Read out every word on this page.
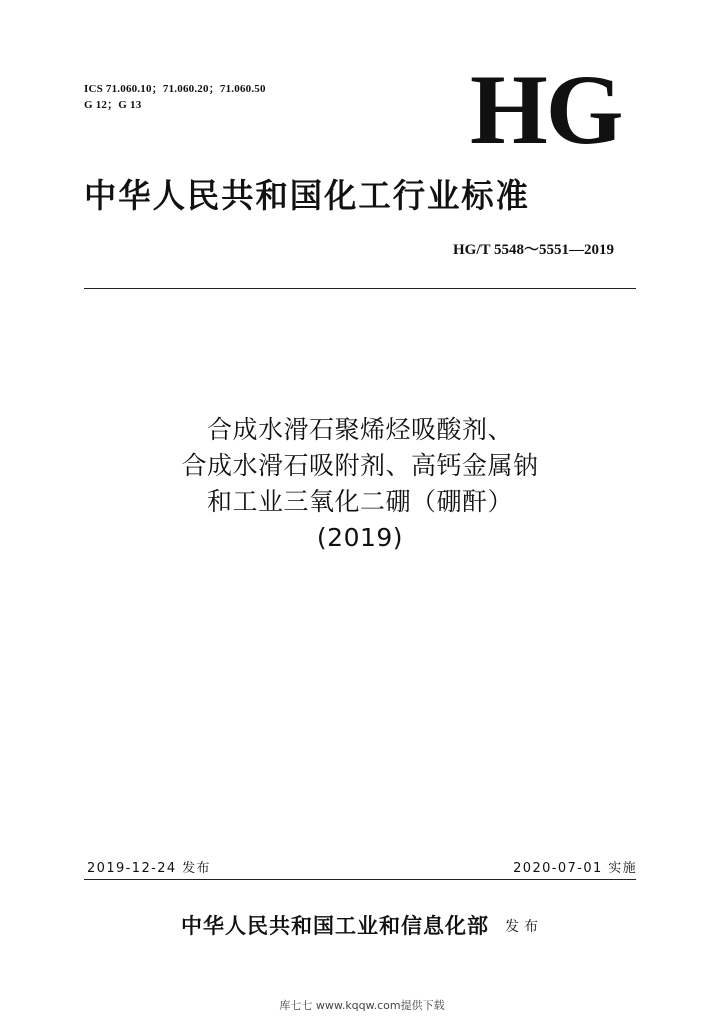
ICS 71.060.10；71.060.20；71.060.50
G 12；G 13	HG
中华人民共和国化工行业标准
HG/T 5548～5551—2019
合成水滑石聚烯烃吸酸剂、
合成水滑石吸附剂、高钙金属钠
和工业三氧化二硼（硼酐）
(2019)
2019-12-24 发布	2020-07-01 实施
中华人民共和国工业和信息化部 发布
库七七 www.kqqw.com提供下载
